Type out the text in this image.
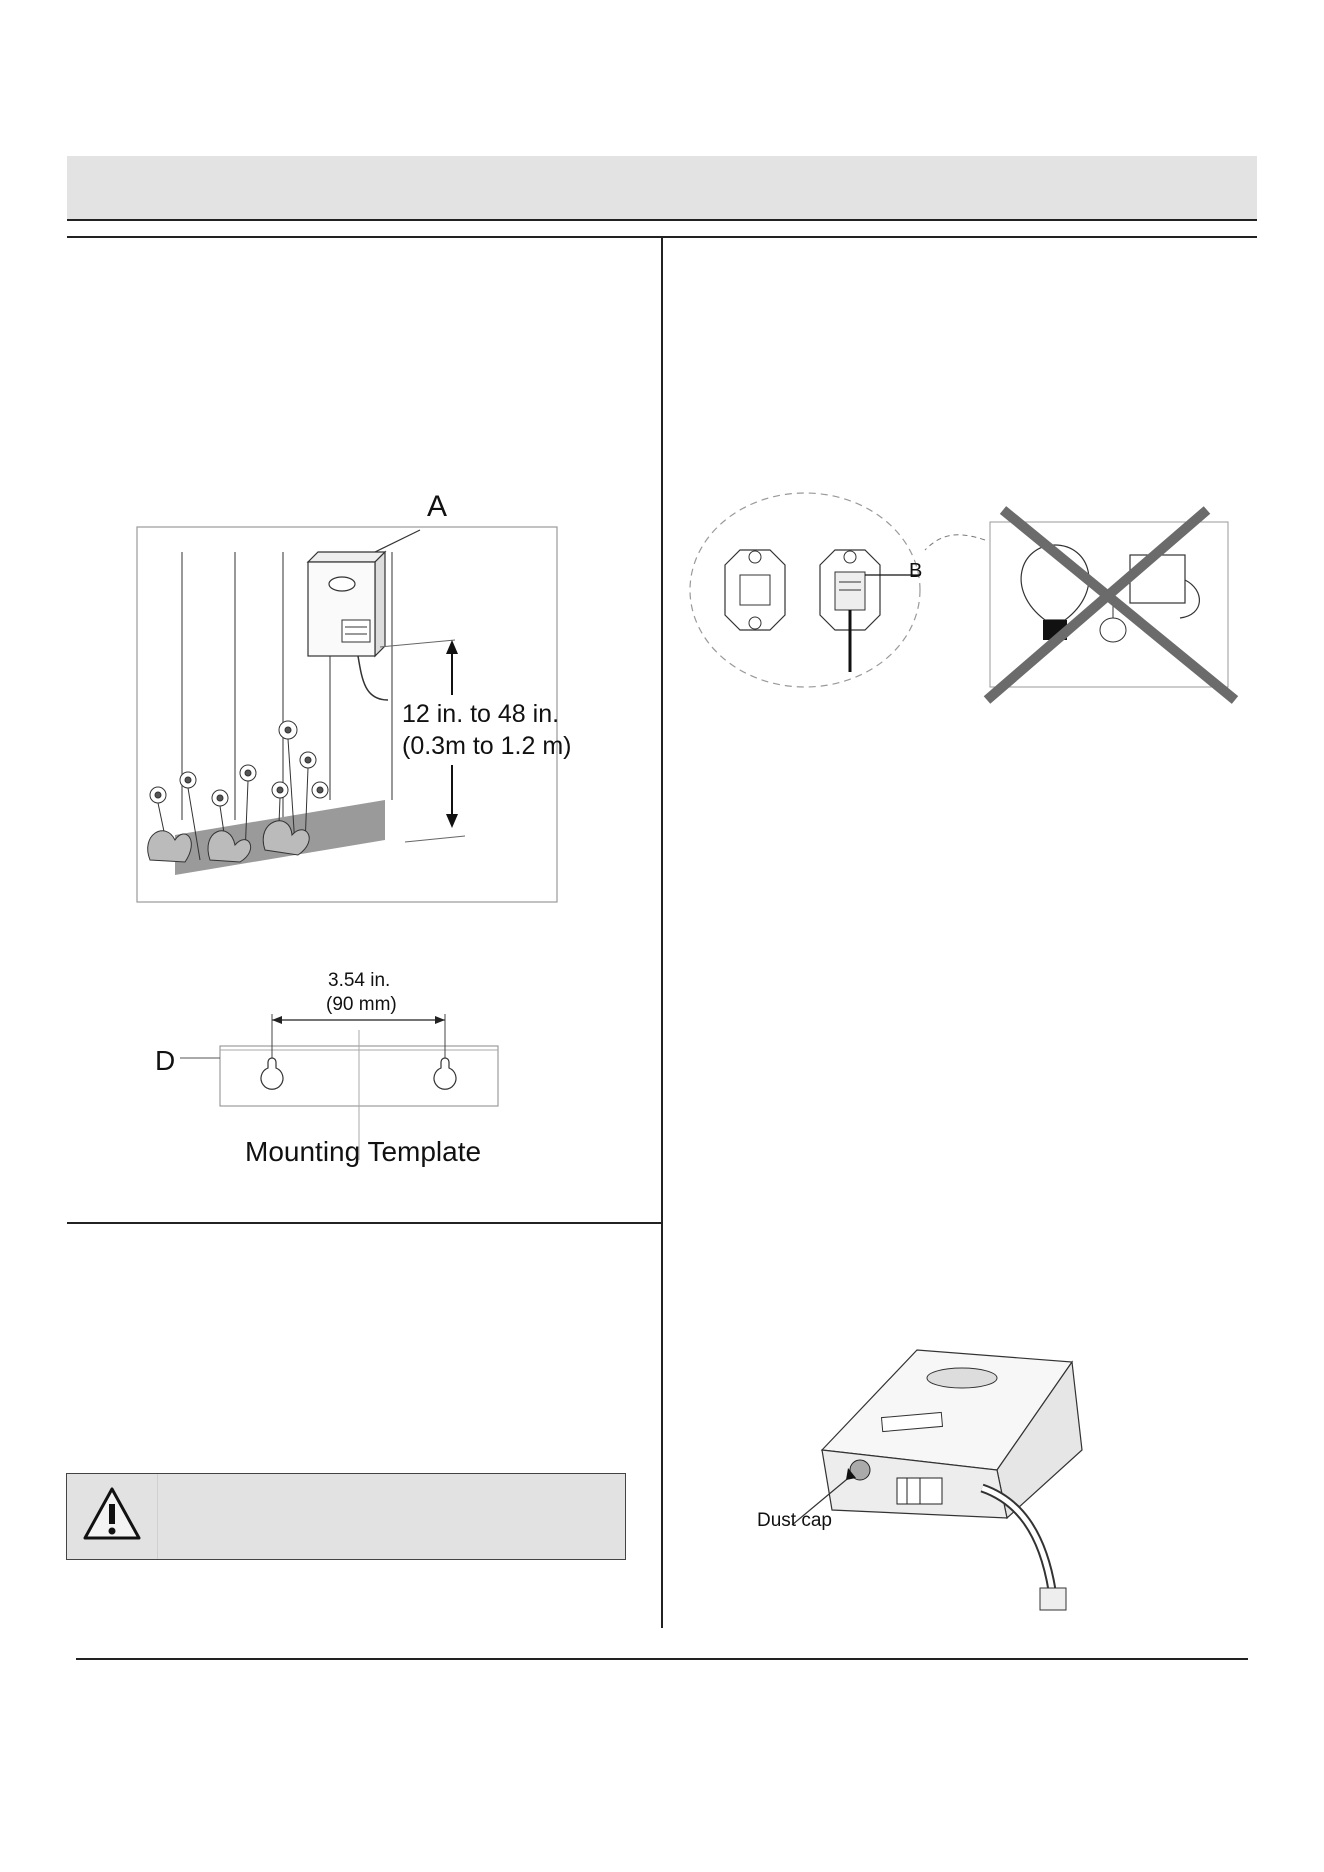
A
12 in. to 48 in.
(0.3m to 1.2 m)
3.54 in.
(90 mm)
D
Mounting Template
B
Dust cap
